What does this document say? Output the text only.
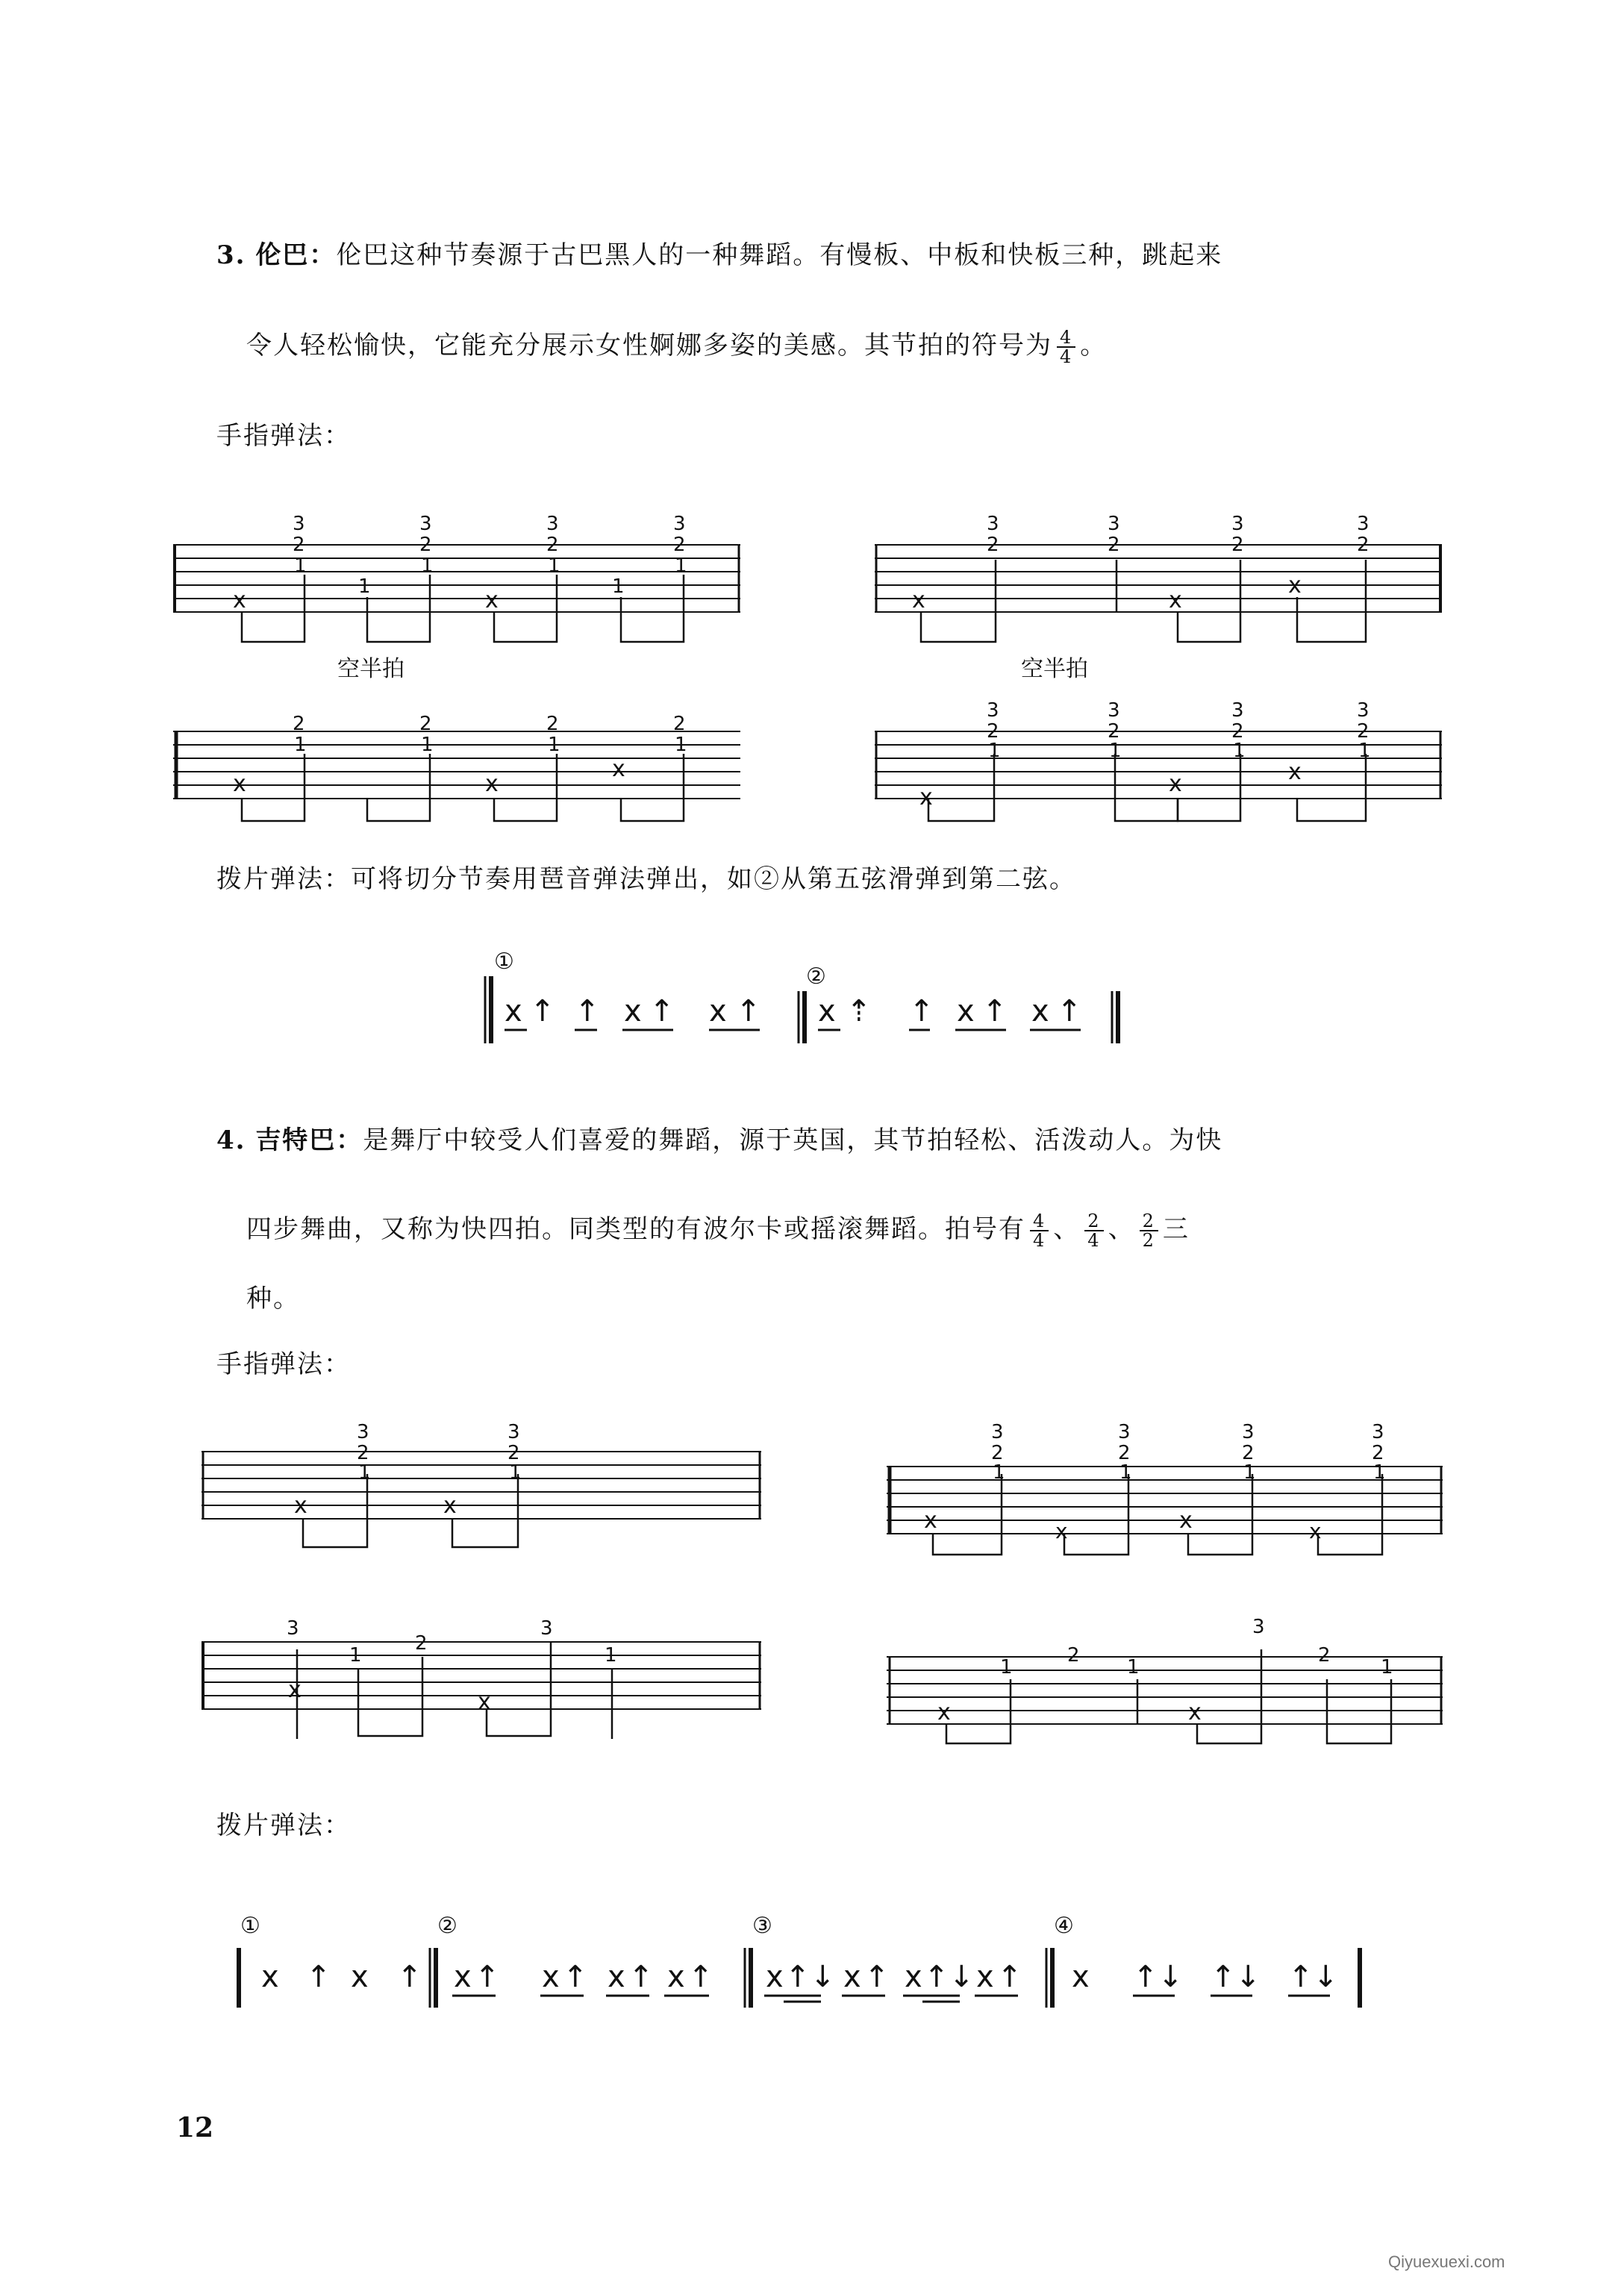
3. 伦巴：伦巴这种节奏源于古巴黑人的一种舞蹈。有慢板、中板和快板三种，跳起来
令人轻松愉快，它能充分展示女性婀娜多姿的美感。其节拍的符号为 $\frac{4}{4}$ 。
手指弹法：
x
3
2
1
1
3
2
1
x
3
2
1
1
3
2
1
空半拍
x
3
2
3
2
x
3
2
x
3
2
空半拍
x
2
1
2
1
x
2
1
x
2
1
x
3
2
1
3
2
1
x
3
2
1
x
3
2
1
拨片弹法：可将切分节奏用琶音弹法弹出，如②从第五弦滑弹到第二弦。
①
②
x ↑ ↑ x ↑ x ↑ x ⇡ ↑ x ↑ x ↑
4. 吉特巴：是舞厅中较受人们喜爱的舞蹈，源于英国，其节拍轻松、活泼动人。为快
四步舞曲，又称为快四拍。同类型的有波尔卡或摇滚舞蹈。拍号有 $\frac{4}{4}$ 、 $\frac{2}{4}$ 、 $\frac{2}{2}$ 三
种。
手指弹法：
x
3
2
1
x
3
2
1
x
3
2
1
x
3
2
1
x
3
2
1
x
3
2
1
3
x
1
2
x
3
1
x
1
2
1
x
3
2
1
拨片弹法：
①	②	③	④
x ↑ x ↑ x ↑ x ↑ x ↑ x ↑ x ↑↓ x ↑ x ↑↓ x ↑ x ↑↓ ↑↓ ↑↓
12
Qiyuexuexi.com
